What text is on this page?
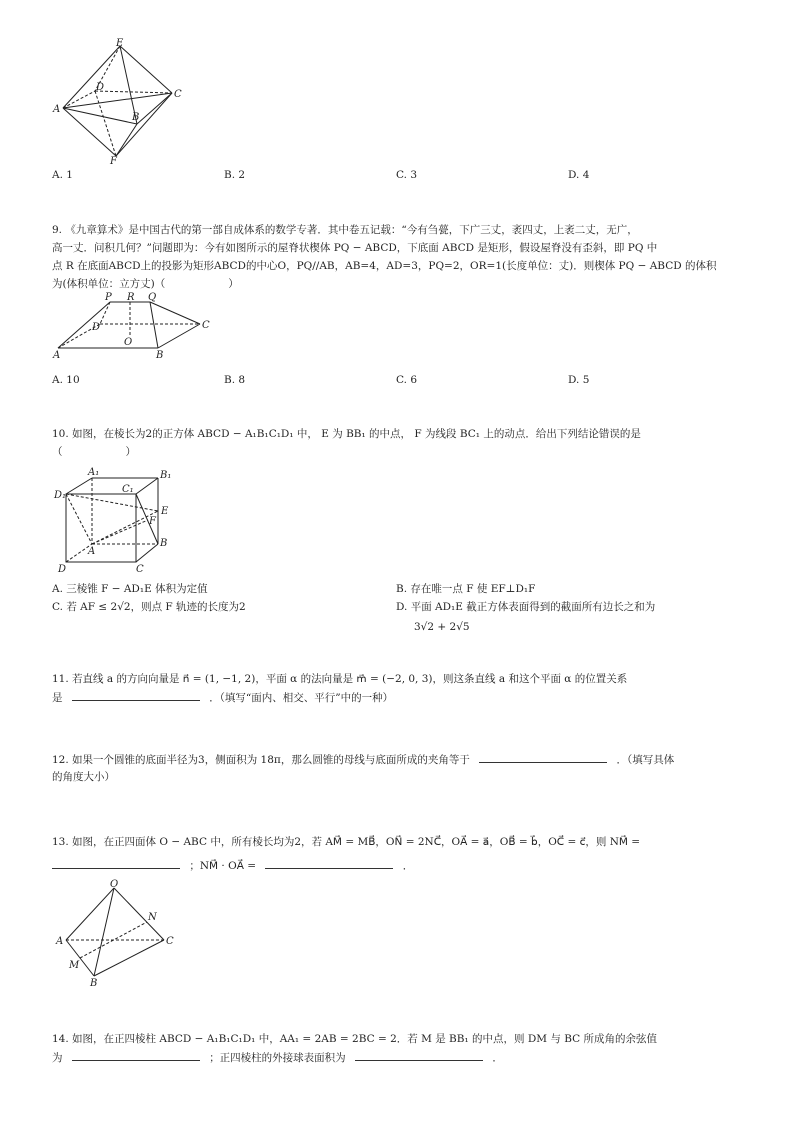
E
D
C
A
B
F
A. 1	B. 2	C. 3	D. 4
9. 《九章算术》是中国古代的第一部自成体系的数学专著．其中卷五记载：“今有刍甍，下广三丈，袤四丈，上袤二丈，无广，
高一丈．问积几何？”问题即为：今有如图所示的屋脊状楔体 PQ − ABCD，下底面 ABCD 是矩形，假设屋脊没有歪斜，即 PQ 中
点 R 在底面ABCD上的投影为矩形ABCD的中心O，PQ//AB，AB=4，AD=3，PQ=2，OR=1(长度单位：丈)．则楔体 PQ − ABCD 的体积
为(体积单位：立方丈)（　　　　　　）
P R Q
D	C
O
A	B
A. 10	B. 8	C. 6	D. 5
10. 如图，在棱长为2的正方体 ABCD − A₁B₁C₁D₁ 中， E 为 BB₁ 的中点， F 为线段 BC₁ 上的动点．给出下列结论错误的是
（　　　　　　）
A₁	B₁
D₁
C₁
E
F
A
B
D	C
A. 三棱锥 F − AD₁E 体积为定值	B. 存在唯一点 F 使 EF⊥D₁F
C. 若 AF ≤ 2√2，则点 F 轨迹的长度为2	D. 平面 AD₁E 截正方体表面得到的截面所有边长之和为
3√2 + 2√5
11. 若直线 a 的方向向量是 n⃗ = (1, −1, 2)，平面 α 的法向量是 m⃗ = (−2, 0, 3)，则这条直线 a 和这个平面 α 的位置关系
是	．（填写“面内、相交、平行”中的一种）
12. 如果一个圆锥的底面半径为3，侧面积为 18π，那么圆锥的母线与底面所成的夹角等于	．（填写具体
的角度大小）
13. 如图，在正四面体 O − ABC 中，所有棱长均为2，若 AM⃗ = MB⃗，ON⃗ = 2NC⃗，OA⃗ = a⃗，OB⃗ = b⃗，OC⃗ = c⃗，则 NM⃗ =
；NM⃗ · OA⃗ =	．
O
N
A	C
M
B
14. 如图，在正四棱柱 ABCD − A₁B₁C₁D₁ 中，AA₁ = 2AB = 2BC = 2．若 M 是 BB₁ 的中点，则 DM 与 BC 所成角的余弦值
为	；正四棱柱的外接球表面积为	．
